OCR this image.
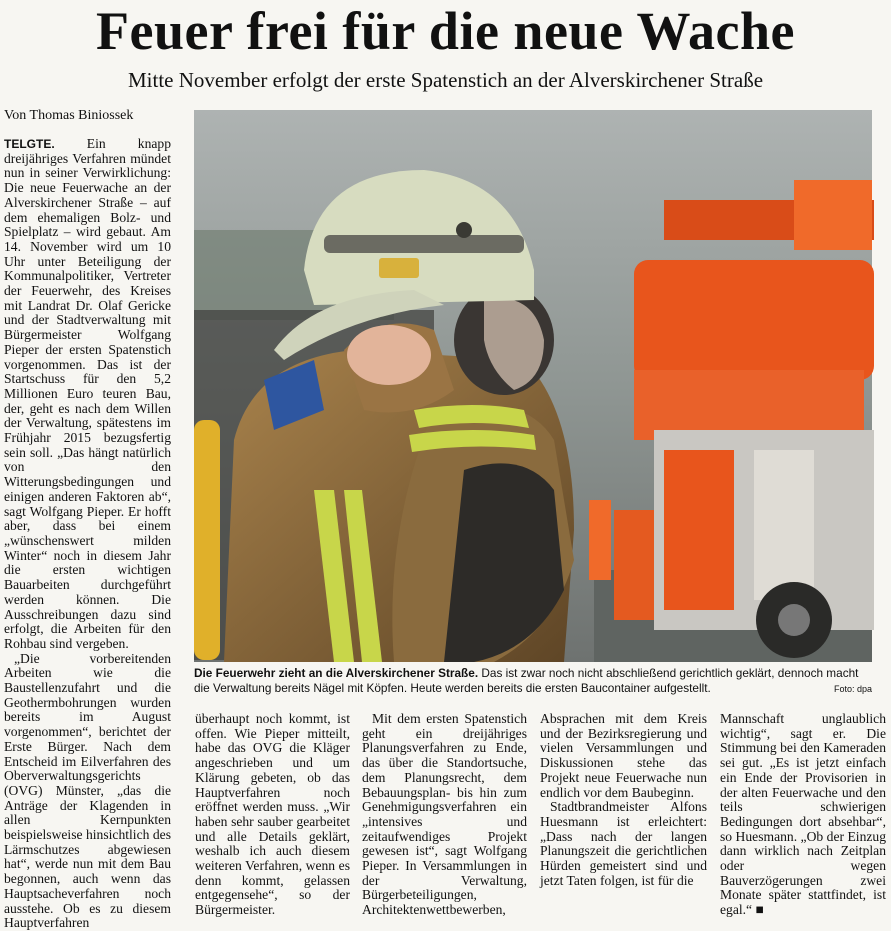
Feuer frei für die neue Wache
Mitte November erfolgt der erste Spatenstich an der Alverskirchener Straße
Von Thomas Biniossek

TELGTE. Ein knapp dreijähriges Verfahren mündet nun in seiner Verwirklichung: Die neue Feuerwache an der Alverskirchener Straße – auf dem ehemaligen Bolz- und Spielplatz – wird gebaut. Am 14. November wird um 10 Uhr unter Beteiligung der Kommunalpolitiker, Vertreter der Feuerwehr, des Kreises mit Landrat Dr. Olaf Gericke und der Stadtverwaltung mit Bürgermeister Wolfgang Pieper der ersten Spatenstich vorgenommen. Das ist der Startschuss für den 5,2 Millionen Euro teuren Bau, der, geht es nach dem Willen der Verwaltung, spätestens im Frühjahr 2015 bezugsfertig sein soll. „Das hängt natürlich von den Witterungsbedingungen und einigen anderen Faktoren ab“, sagt Wolfgang Pieper. Er hofft aber, dass bei einem „wünschenswert milden Winter“ noch in diesem Jahr die ersten wichtigen Bauarbeiten durchgeführt werden können. Die Ausschreibungen dazu sind erfolgt, die Arbeiten für den Rohbau sind vergeben.

„Die vorbereitenden Arbeiten wie die Baustellenzufahrt und die Geothermbohrungen wurden bereits im August vorgenommen“, berichtet der Erste Bürger. Nach dem Entscheid im Eilverfahren des Oberverwaltungsgerichts (OVG) Münster, „das die Anträge der Klagenden in allen Kernpunkten beispielsweise hinsichtlich des Lärmschutzes abgewiesen hat“, werde nun mit dem Bau begonnen, auch wenn das Hauptsacheverfahren noch ausstehe. Ob es zu diesem Hauptverfahren

Die Feuerwehr zieht an die Alverskirchener Straße. Das ist zwar noch nicht abschließend gerichtlich geklärt, dennoch macht die Verwaltung bereits Nägel mit Köpfen. Heute werden bereits die ersten Baucontainer aufgestellt.	Foto: dpa

überhaupt noch kommt, ist offen. Wie Pieper mitteilt, habe das OVG die Kläger angeschrieben und um Klärung gebeten, ob das Hauptverfahren noch eröffnet werden muss. „Wir haben sehr sauber gearbeitet und alle Details geklärt, weshalb ich auch diesem weiteren Verfahren, wenn es denn kommt, gelassen entgegensehe“, so der Bürgermeister.

Mit dem ersten Spatenstich geht ein dreijähriges Planungsverfahren zu Ende, das über die Standortsuche, dem Planungsrecht, dem Bebauungsplan- bis hin zum Genehmigungsverfahren ein „intensives und zeitaufwendiges Projekt gewesen ist“, sagt Wolfgang Pieper. In Versammlungen in der Verwaltung, Bürgerbeteiligungen, Architektenwettbewerben,

Absprachen mit dem Kreis und der Bezirksregierung und vielen Versammlungen und Diskussionen stehe das Projekt neue Feuerwache nun endlich vor dem Baubeginn.

Stadtbrandmeister Alfons Huesmann ist erleichtert: „Dass nach der langen Planungszeit die gerichtlichen Hürden gemeistert sind und jetzt Taten folgen, ist für die

Mannschaft unglaublich wichtig“, sagt er. Die Stimmung bei den Kameraden sei gut. „Es ist jetzt einfach ein Ende der Provisorien in der alten Feuerwache und den teils schwierigen Bedingungen dort absehbar“, so Huesmann. „Ob der Einzug dann wirklich nach Zeitplan oder wegen Bauverzögerungen zwei Monate später stattfindet, ist egal.“ ■
